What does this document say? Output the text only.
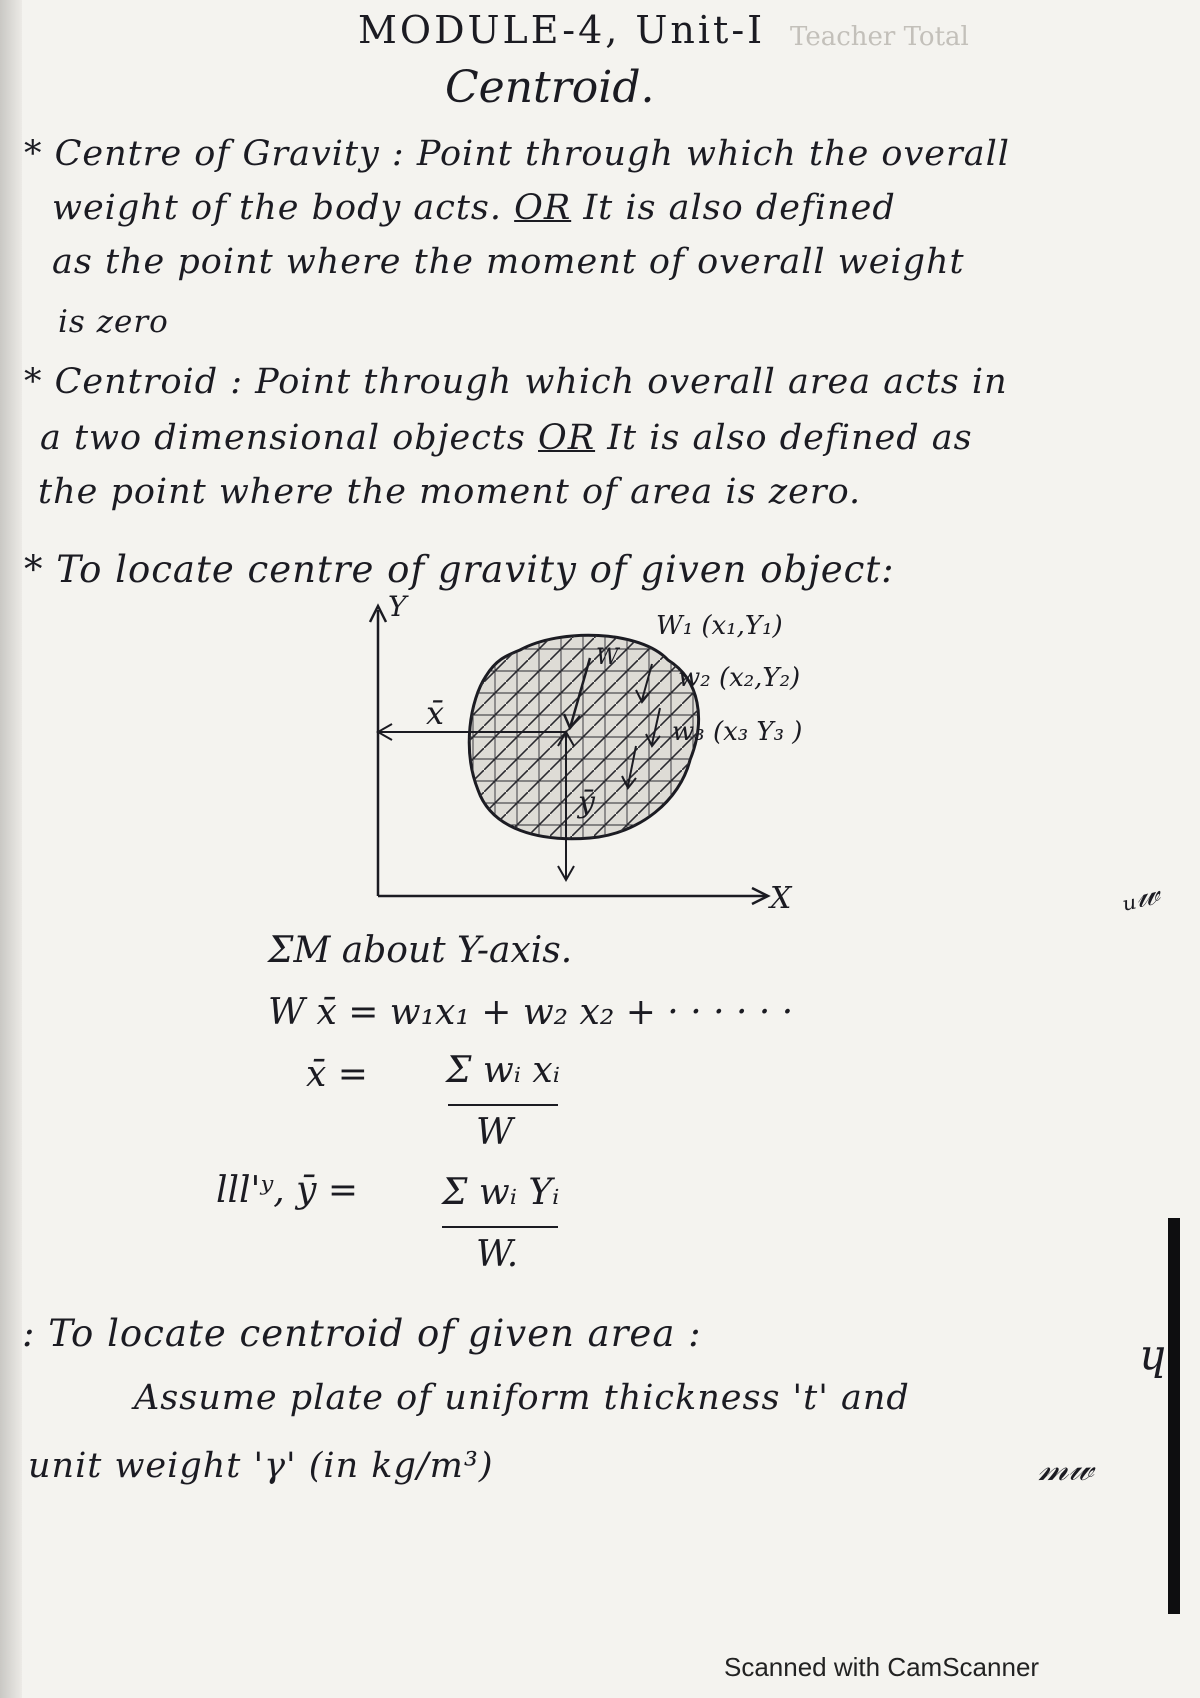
MODULE-4, Unit-I Teacher Total
Centroid.
* Centre of Gravity : Point through which the overall
weight of the body acts. OR It is also defined
as the point where the moment of overall weight
is zero
* Centroid : Point through which overall area acts in
a two dimensional objects OR It is also defined as
the point where the moment of area is zero.
* To locate centre of gravity of given object:
Y
X
x̄
ȳ
W
W₁ (x₁,Y₁)
w₂ (x₂,Y₂)
w₃ (x₃ Y₃ )
ΣM about Y-axis.
W x̄ = w₁x₁ + w₂ x₂ + · · · · · ·
x̄ = Σ wᵢ xᵢ
W
lll'ʸ, ȳ = Σ wᵢ Yᵢ
W.
: To locate centroid of given area :
Assume plate of uniform thickness 't' and
unit weight 'γ' (in kg/m³)
ᵤ𝓌
ɥ
𝓂𝓌
Scanned with CamScanner
